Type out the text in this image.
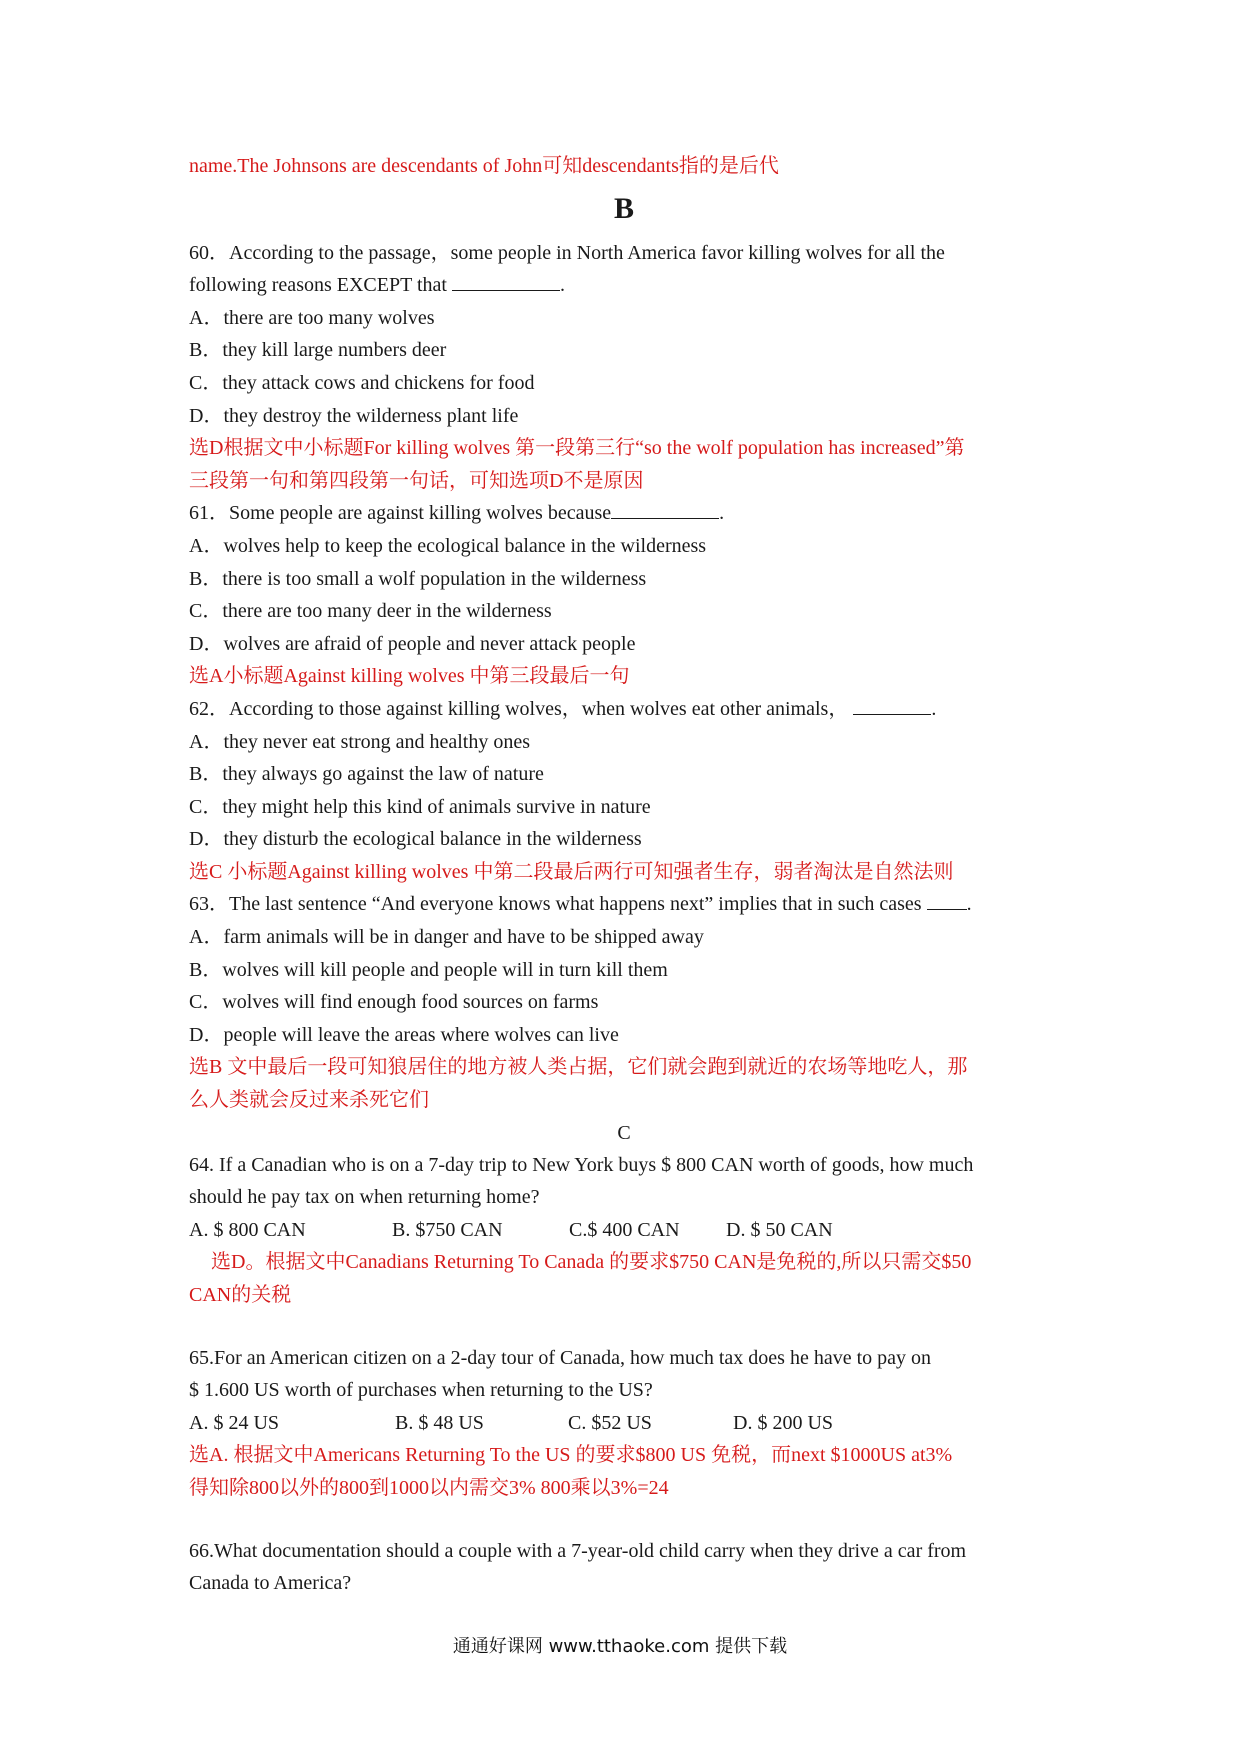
name.The Johnsons are descendants of John可知descendants指的是后代
B
60．According to the passage，some people in North America favor killing wolves for all the
following reasons EXCEPT that	.
A．there are too many wolves
B．they kill large numbers deer
C．they attack cows and chickens for food
D．they destroy the wilderness plant life
选D根据文中小标题For killing wolves 第一段第三行“so the wolf population has increased”第
三段第一句和第四段第一句话，可知选项D不是原因
61．Some people are against killing wolves because	.
A．wolves help to keep the ecological balance in the wilderness
B．there is too small a wolf population in the wilderness
C．there are too many deer in the wilderness
D．wolves are afraid of people and never attack people
选A小标题Against killing wolves 中第三段最后一句
62．According to those against killing wolves，when wolves eat other animals，	.
A．they never eat strong and healthy ones
B．they always go against the law of nature
C．they might help this kind of animals survive in nature
D．they disturb the ecological balance in the wilderness
选C 小标题Against killing wolves 中第二段最后两行可知强者生存，弱者淘汰是自然法则
63．The last sentence “And everyone knows what happens next” implies that in such cases .
A．farm animals will be in danger and have to be shipped away
B．wolves will kill people and people will in turn kill them
C．wolves will find enough food sources on farms
D．people will leave the areas where wolves can live
选B 文中最后一段可知狼居住的地方被人类占据，它们就会跑到就近的农场等地吃人，那
么人类就会反过来杀死它们
C
64. If a Canadian who is on a 7-day trip to New York buys $ 800 CAN worth of goods, how much
should he pay tax on when returning home?
A. $ 800 CAN	B. $750 CAN	C.$ 400 CAN	D. $ 50 CAN
选D。根据文中Canadians Returning To Canada 的要求$750 CAN是免税的,所以只需交$50
CAN的关税
65.For an American citizen on a 2-day tour of Canada, how much tax does he have to pay on
$ 1.600 US worth of purchases when returning to the US?
A. $ 24 US	B. $ 48 US	C. $52 US	D. $ 200 US
选A. 根据文中Americans Returning To the US 的要求$800 US 免税，而next $1000US at3%
得知除800以外的800到1000以内需交3% 800乘以3%=24
66.What documentation should a couple with a 7-year-old child carry when they drive a car from
Canada to America?
通通好课网 www.tthaoke.com 提供下载
